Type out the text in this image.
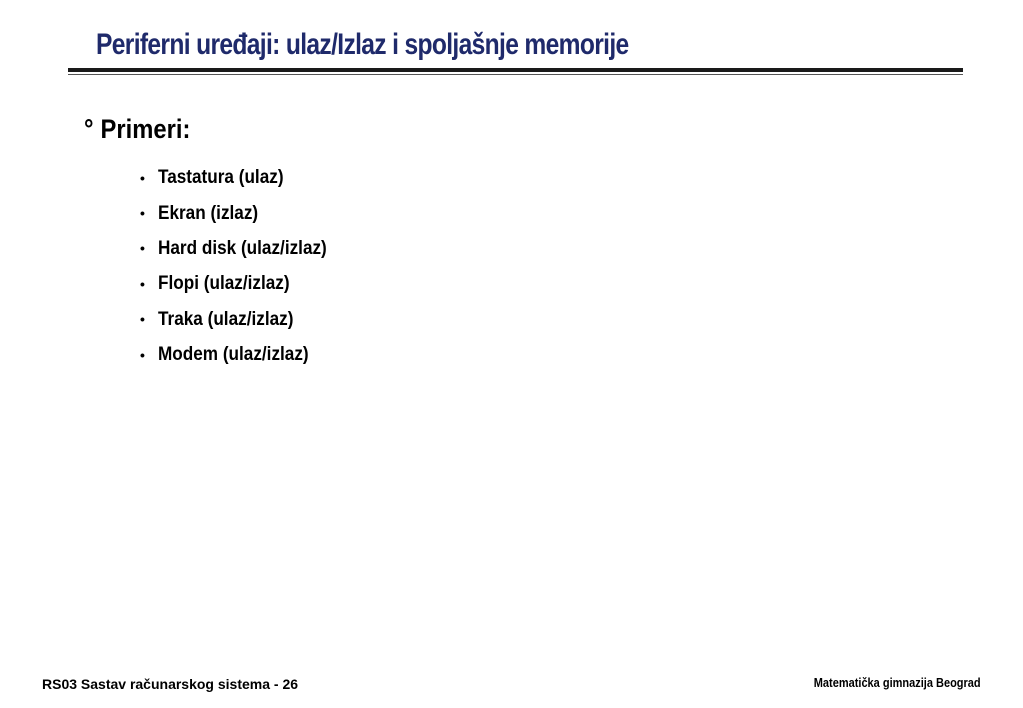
Periferni uređaji: ulaz/Izlaz i spoljašnje memorije
° Primeri:
• Tastatura (ulaz)
• Ekran (izlaz)
• Hard disk (ulaz/izlaz)
• Flopi (ulaz/izlaz)
• Traka (ulaz/izlaz)
• Modem (ulaz/izlaz)
RS03 Sastav računarskog sistema - 26	Matematička gimnazija Beograd
